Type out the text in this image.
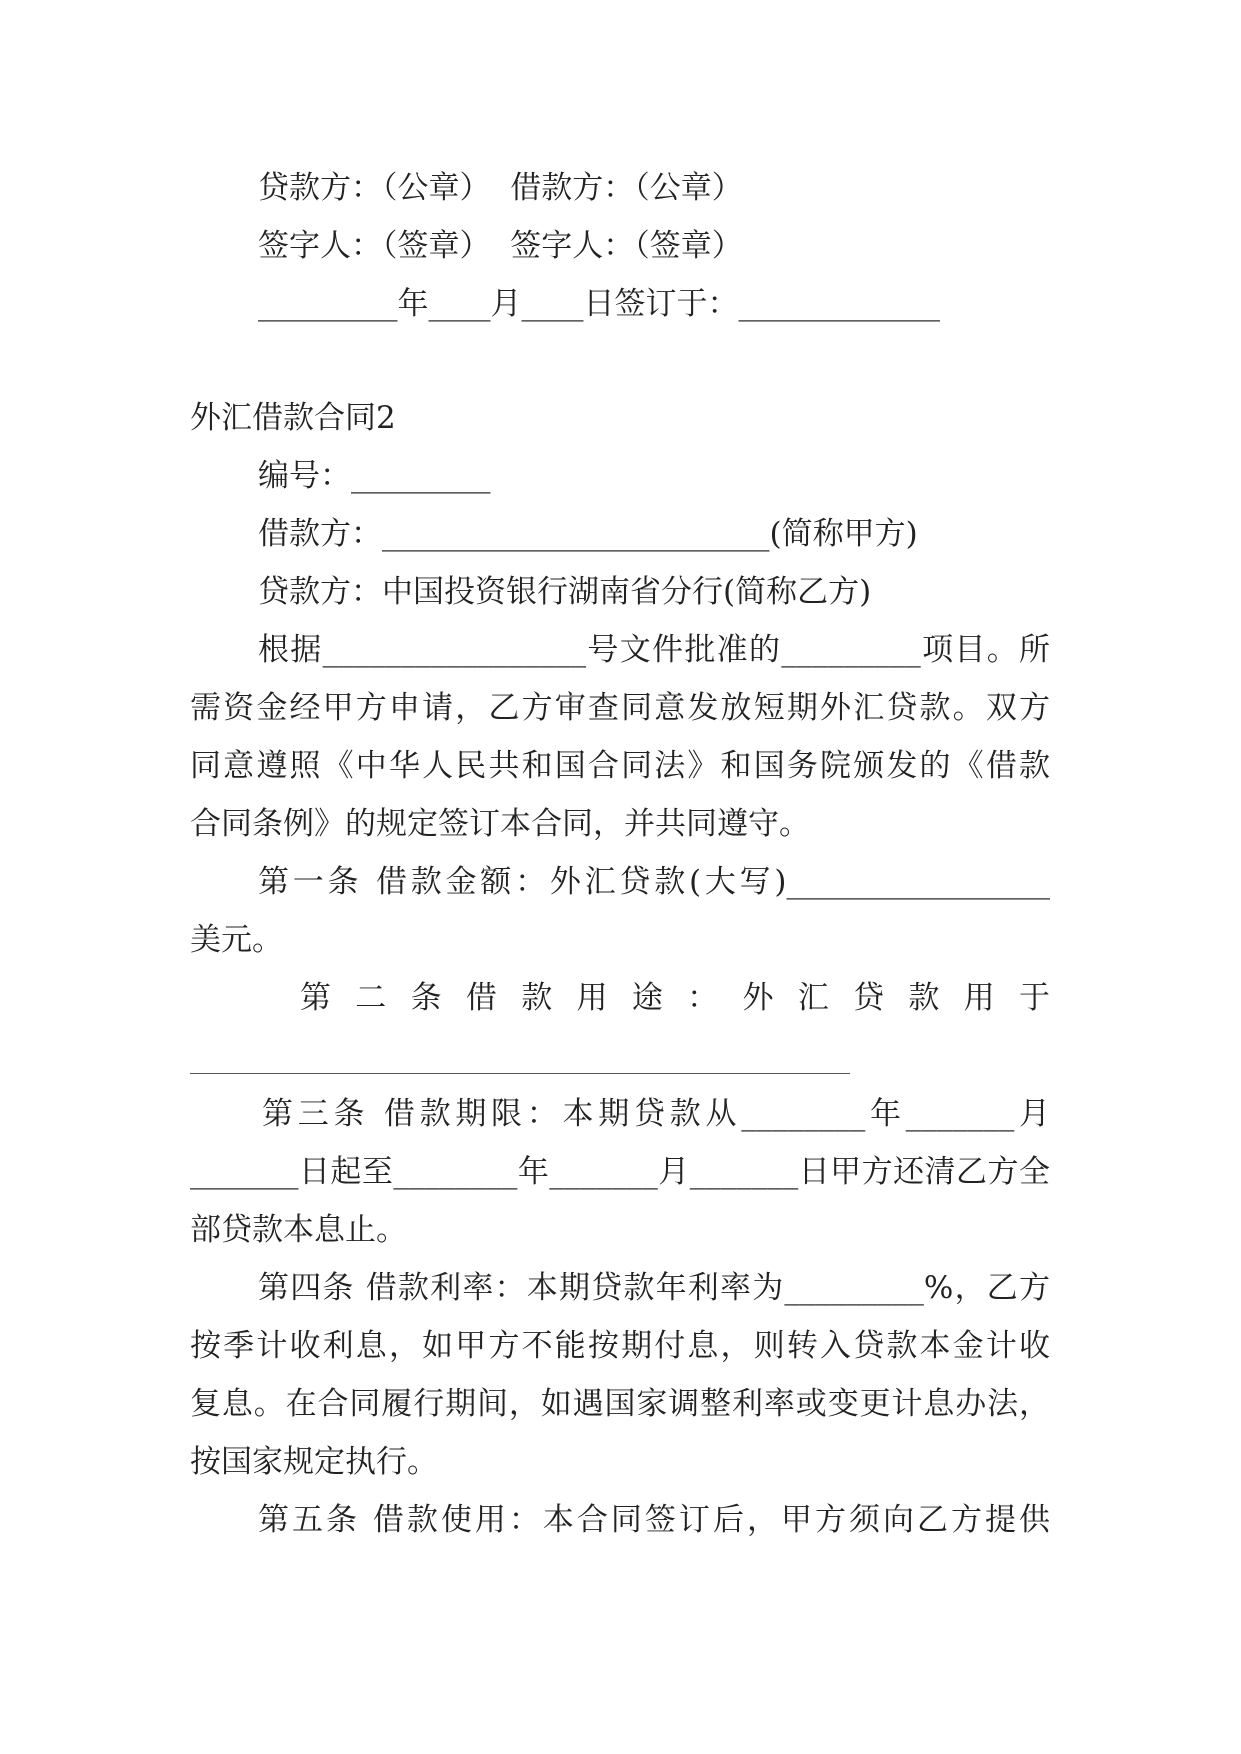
贷款方：（公章）  借款方：（公章）
签字人：（签章）  签字人：（签章）
_________年____月____日签订于：_____________
外汇借款合同2
编号：_________
借款方：_________________________(简称甲方)
贷款方：中国投资银行湖南省分行(简称乙方)
根据_________________号文件批准的_________项目。所
需资金经甲方申请，乙方审查同意发放短期外汇贷款。双方
同意遵照《中华人民共和国合同法》和国务院颁发的《借款
合同条例》的规定签订本合同，并共同遵守。
第一条 借款金额：外汇贷款(大写)_________________
美元。
第 二 条 借 款 用 途 ： 外 汇 贷 款 用 于
第三条 借款期限：本期贷款从________年_______月
_______日起至________年_______月_______日甲方还清乙方全
部贷款本息止。
第四条 借款利率：本期贷款年利率为_________%，乙方
按季计收利息，如甲方不能按期付息，则转入贷款本金计收
复息。在合同履行期间，如遇国家调整利率或变更计息办法，
按国家规定执行。
第五条 借款使用：本合同签订后，甲方须向乙方提供
